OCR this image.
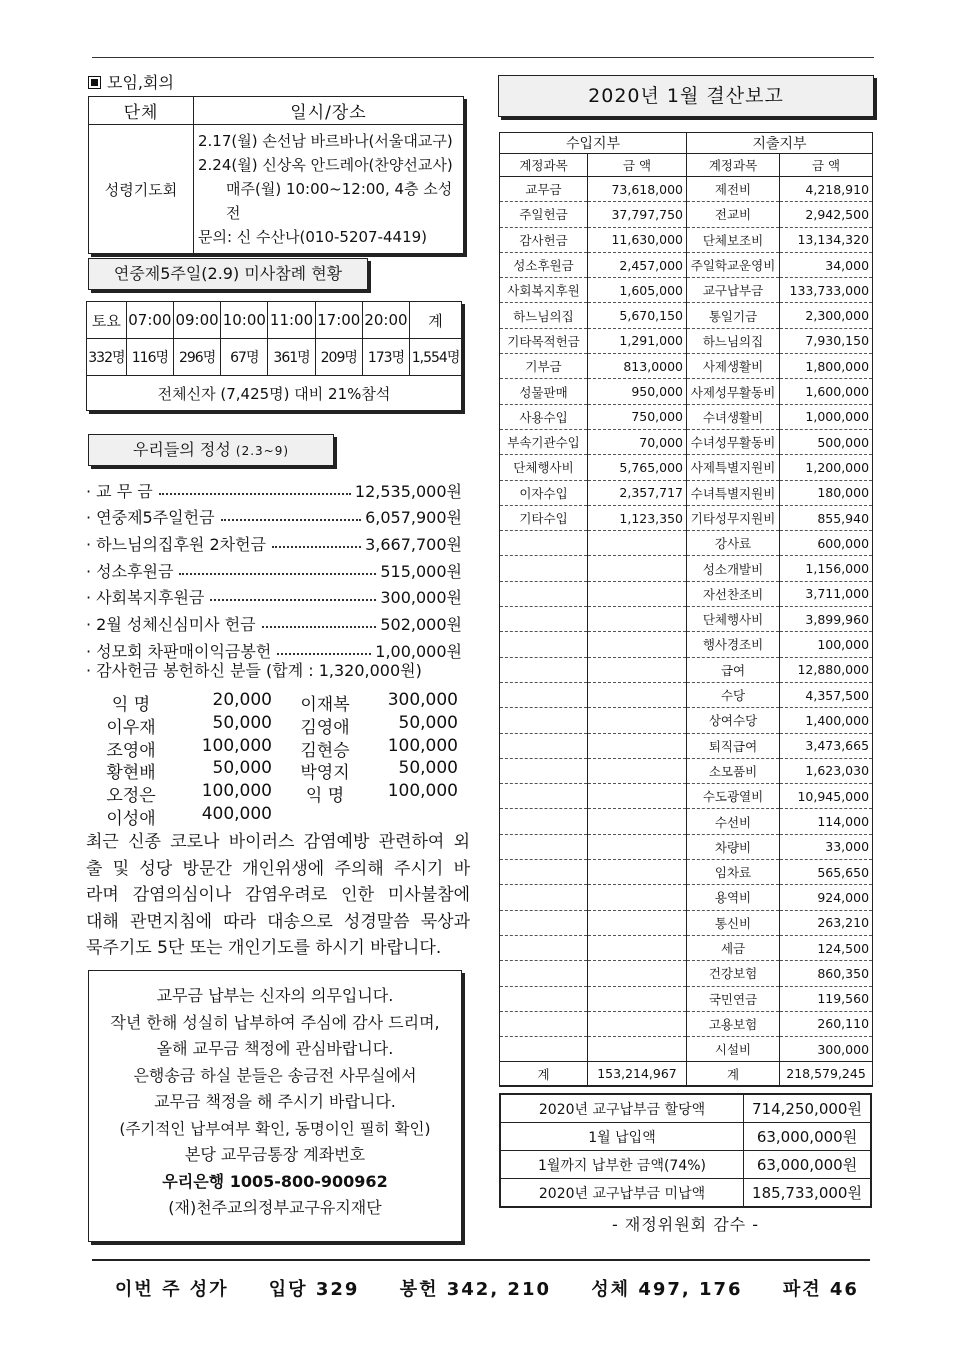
모임,회의
단체	일시/장소
성령기도회	2.17(월) 손선남 바르바나(서울대교구)
2.24(월) 신상옥 안드레아(찬양선교사)
매주(월) 10:00~12:00, 4층 소성전
문의: 신 수산나(010-5207-4419)
연중제5주일(2.9) 미사참례 현황
토요	07:00	09:00	10:00	11:00	17:00	20:00	계
332명	116명	296명	67명	361명	209명	173명	1,554명
전체신자 (7,425명) 대비 21%참석							
우리들의 정성 (2.3~9)
· 교 무 금	12,535,000원
· 연중제5주일헌금	6,057,900원
· 하느님의집후원 2차헌금	3,667,700원
· 성소후원금	515,000원
· 사회복지후원금	300,000원
· 2월 성체신심미사 헌금	502,000원
· 성모회 차판매이익금봉헌	1,00,000원
· 감사헌금 봉헌하신 분들 (합계 : 1,320,000원)
익 명	20,000	이재복	300,000
이우재	50,000	김영애	50,000
조영애	100,000	김현승	100,000
황현배	50,000	박영지	50,000
오정은	100,000	익 명	100,000
이성애	400,000

최근 신종 코로나 바이러스 감염예방 관련하여 외

출 및 성당 방문간 개인위생에 주의해 주시기 바

라며 감염의심이나 감염우려로 인한 미사불참에

대해 관면지침에 따라 대송으로 성경말씀 묵상과

묵주기도 5단 또는 개인기도를 하시기 바랍니다.

교무금 납부는 신자의 의무입니다.
작년 한해 성실히 납부하여 주심에 감사 드리며,
올해 교무금 책정에 관심바랍니다.
은행송금 하실 분들은 송금전 사무실에서
교무금 책정을 해 주시기 바랍니다.
(주기적인 납부여부 확인, 동명이인 필히 확인)
본당 교무금통장 계좌번호
우리은행 1005-800-900962
(재)천주교의정부교구유지재단
2020년 1월 결산보고
수입지부		지출지부	
계정과목	금 액	계정과목	금 액
교무금	73,618,000	제전비	4,218,910
주일헌금	37,797,750	전교비	2,942,500
감사헌금	11,630,000	단체보조비	13,134,320
성소후원금	2,457,000	주일학교운영비	34,000
사회복지후원	1,605,000	교구납부금	133,733,000
하느님의집	5,670,150	통일기금	2,300,000
기타목적헌금	1,291,000	하느님의집	7,930,150
기부금	813,0000	사제생활비	1,800,000
성물판매	950,000	사제성무활동비	1,600,000
사용수입	750,000	수녀생활비	1,000,000
부속기관수입	70,000	수녀성무활동비	500,000
단체행사비	5,765,000	사제특별지원비	1,200,000
이자수입	2,357,717	수녀특별지원비	180,000
기타수입	1,123,350	기타성무지원비	855,940
		강사료	600,000
		성소개발비	1,156,000
		자선찬조비	3,711,000
		단체행사비	3,899,960
		행사경조비	100,000
		급여	12,880,000
		수당	4,357,500
		상여수당	1,400,000
		퇴직급여	3,473,665
		소모품비	1,623,030
		수도광열비	10,945,000
		수선비	114,000
		차량비	33,000
		임차료	565,650
		용역비	924,000
		통신비	263,210
		세금	124,500
		건강보험	860,350
		국민연금	119,560
		고용보험	260,110
		시설비	300,000
계	153,214,967	계	218,579,245
2020년 교구납부금 할당액	714,250,000원
1월 납입액	63,000,000원
1월까지 납부한 금액(74%)	63,000,000원
2020년 교구납부금 미납액	185,733,000원
- 재정위원회 감수 -
이번 주 성가 입당 329 봉헌 342, 210 성체 497, 176 파견 46
